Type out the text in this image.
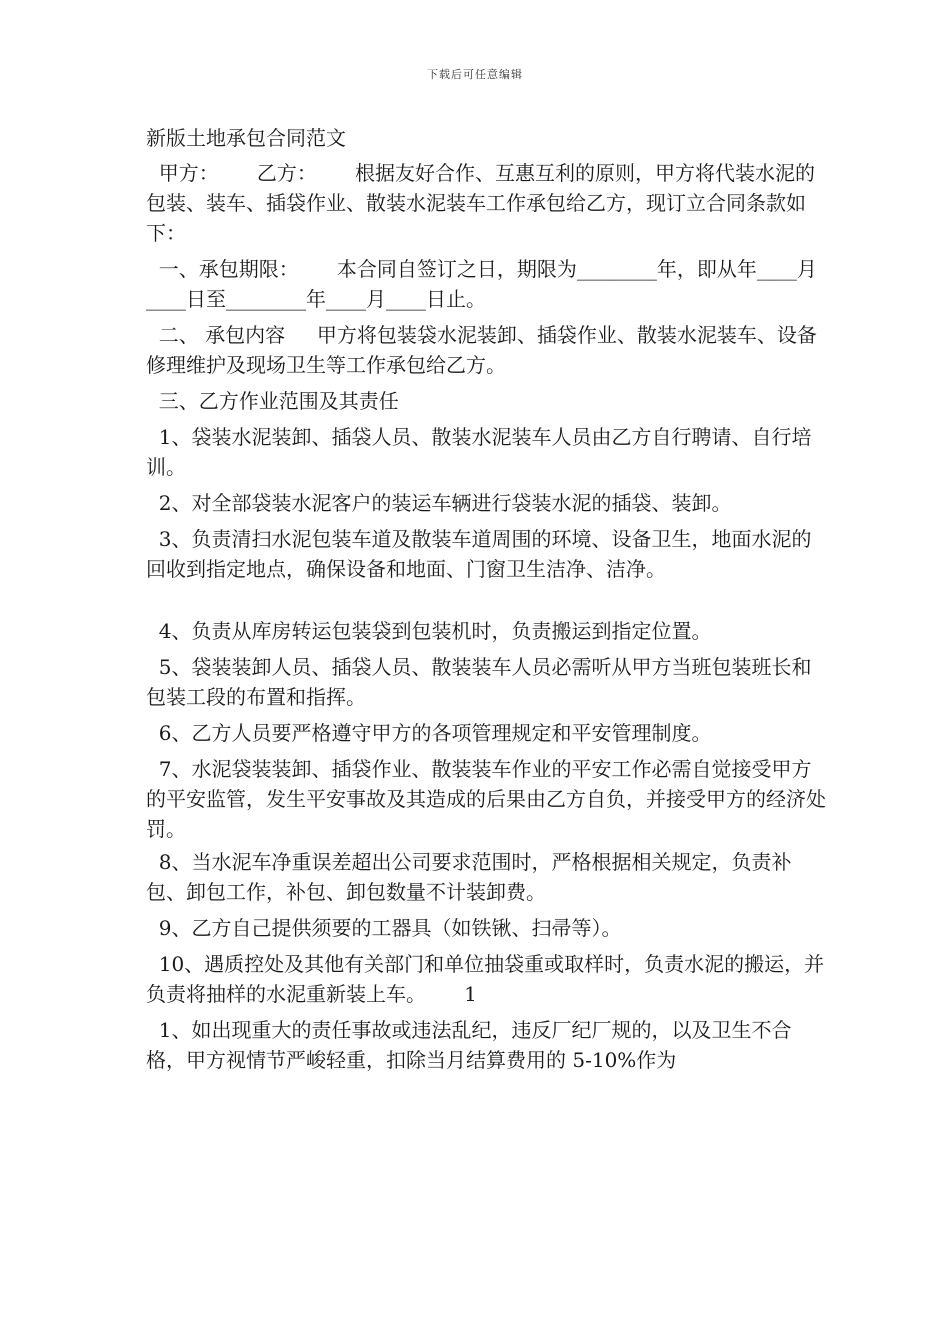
下载后可任意编辑
新版土地承包合同范文

甲方：      乙方：      根据友好合作、互惠互利的原则，甲方将代装水泥的包装、装车、插袋作业、散装水泥装车工作承包给乙方，现订立合同条款如下：

一、承包期限：      本合同自签订之日，期限为________年，即从年____月____日至________年____月____日止。

二、 承包内容     甲方将包装袋水泥装卸、插袋作业、散装水泥装车、设备修理维护及现场卫生等工作承包给乙方。

三、乙方作业范围及其责任

1、袋装水泥装卸、插袋人员、散装水泥装车人员由乙方自行聘请、自行培训。

2、对全部袋装水泥客户的装运车辆进行袋装水泥的插袋、装卸。

3、负责清扫水泥包装车道及散装车道周围的环境、设备卫生，地面水泥的回收到指定地点，确保设备和地面、门窗卫生洁净、洁净。

4、负责从库房转运包装袋到包装机时，负责搬运到指定位置。

5、袋装装卸人员、插袋人员、散装装车人员必需听从甲方当班包装班长和包装工段的布置和指挥。

6、乙方人员要严格遵守甲方的各项管理规定和平安管理制度。

7、水泥袋装装卸、插袋作业、散装装车作业的平安工作必需自觉接受甲方的平安监管，发生平安事故及其造成的后果由乙方自负，并接受甲方的经济处罚。

8、当水泥车净重误差超出公司要求范围时，严格根据相关规定，负责补包、卸包工作，补包、卸包数量不计装卸费。

9、乙方自己提供须要的工器具（如铁锹、扫帚等）。

10、遇质控处及其他有关部门和单位抽袋重或取样时，负责水泥的搬运，并负责将抽样的水泥重新装上车。      1

1、如出现重大的责任事故或违法乱纪，违反厂纪厂规的，以及卫生不合格，甲方视情节严峻轻重，扣除当月结算费用的 5-10%作为
